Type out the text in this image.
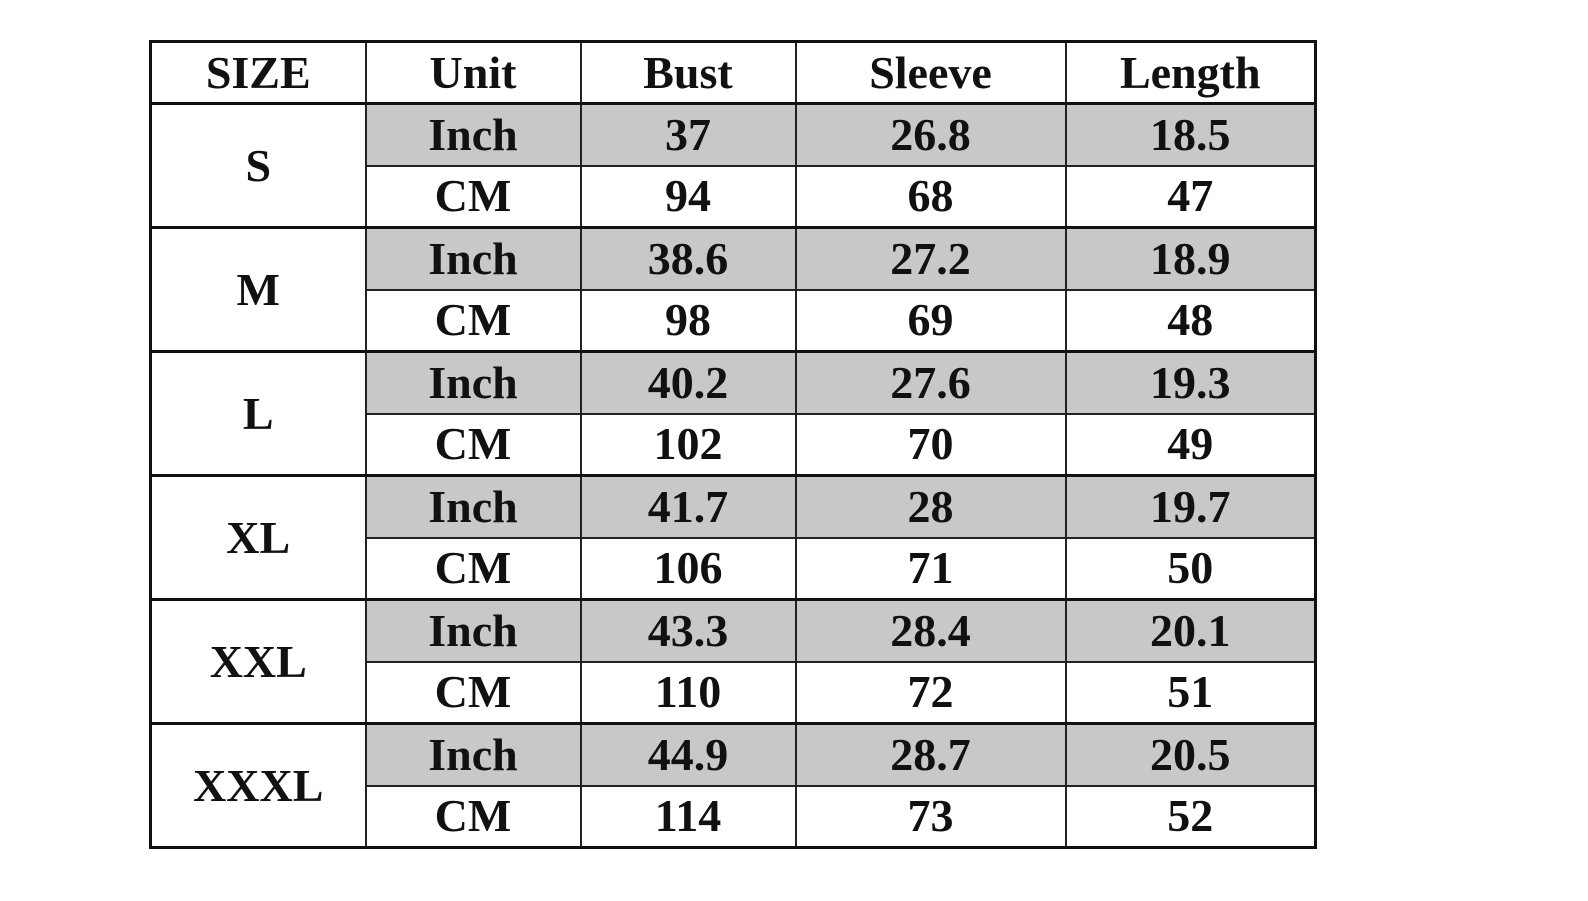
SIZE	Unit	Bust	Sleeve	Length
S	Inch	37	26.8	18.5
	CM	94	68	47
M	Inch	38.6	27.2	18.9
	CM	98	69	48
L	Inch	40.2	27.6	19.3
	CM	102	70	49
XL	Inch	41.7	28	19.7
	CM	106	71	50
XXL	Inch	43.3	28.4	20.1
	CM	110	72	51
XXXL	Inch	44.9	28.7	20.5
	CM	114	73	52
